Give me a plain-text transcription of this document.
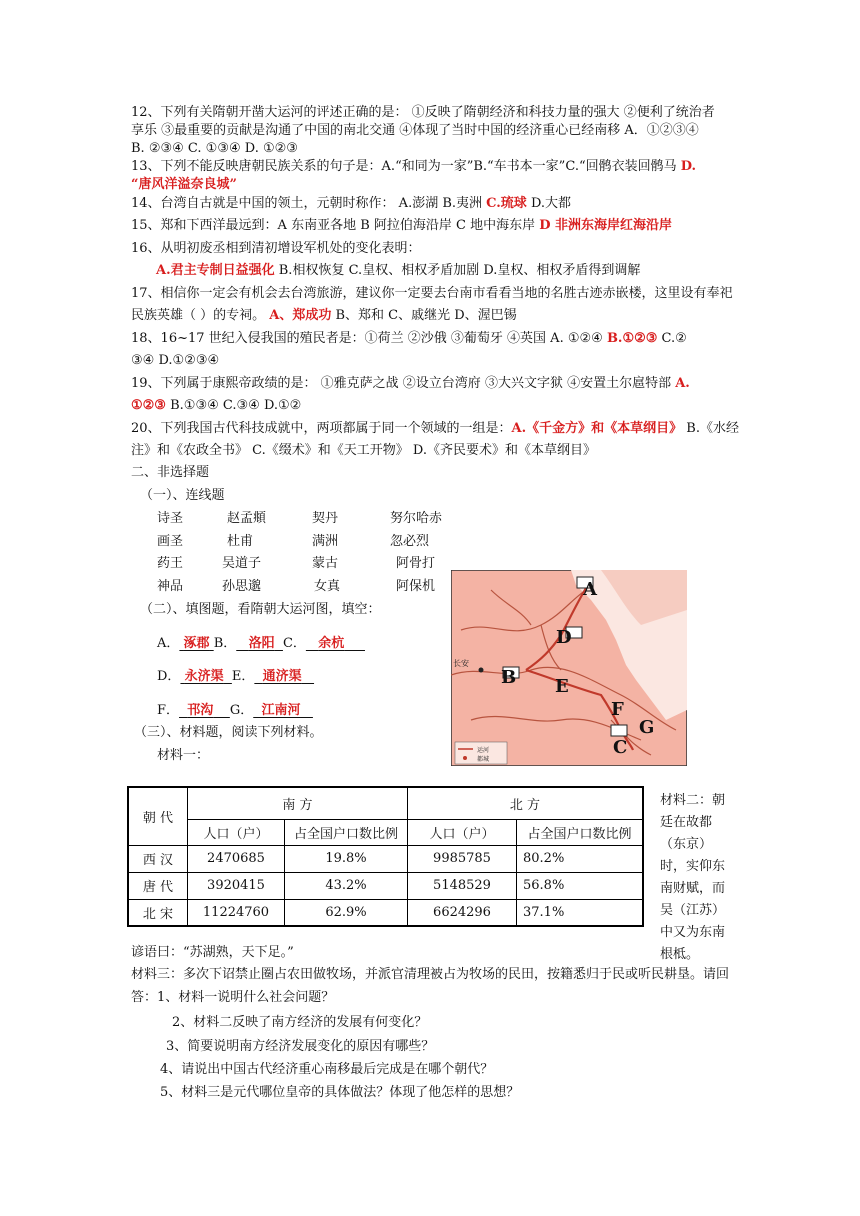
12、下列有关隋朝开凿大运河的评述正确的是： ①反映了隋朝经济和科技力量的强大 ②便利了统治者
享乐 ③最重要的贡献是沟通了中国的南北交通 ④体现了当时中国的经济重心已经南移 A．①②③④
B. ②③④ C. ①③④ D. ①②③
13、下列不能反映唐朝民族关系的句子是：A.“和同为一家”B.“车书本一家”C.“回鹘衣装回鹘马 D.
“唐风洋溢奈良城”
14、台湾自古就是中国的领土，元朝时称作： A.澎湖 B.夷洲 C.琉球 D.大都
15、郑和下西洋最远到：A 东南亚各地 B 阿拉伯海沿岸 C 地中海东岸 D 非洲东海岸红海沿岸
16、从明初废丞相到清初增设军机处的变化表明：
A.君主专制日益强化 B.相权恢复 C.皇权、相权矛盾加剧 D.皇权、相权矛盾得到调解
17、相信你一定会有机会去台湾旅游，建议你一定要去台南市看看当地的名胜古迹赤嵌楼，这里设有奉祀
民族英雄（ ）的专祠。 A、郑成功 B、郑和 C、戚继光 D、渥巴锡
18、16~17 世纪入侵我国的殖民者是：①荷兰 ②沙俄 ③葡萄牙 ④英国 A. ①②④ B.①②③ C.②
③④ D.①②③④
19、下列属于康熙帝政绩的是： ①雅克萨之战 ②设立台湾府 ③大兴文字狱 ④安置土尔扈特部 A.
①②③ B.①③④ C.③④ D.①②
20、下列我国古代科技成就中，两项都属于同一个领域的一组是：A.《千金方》和《本草纲目》 B.《水经
注》和《农政全书》 C.《缀术》和《天工开物》 D.《齐民要术》和《本草纲目》
二、非选择题
（一）、连线题
诗圣	赵孟頫	契丹	努尔哈赤
画圣	杜甫	满洲	忽必烈
药王	吴道子	蒙古	阿骨打
神品	孙思邈	女真	阿保机
（二）、填图题，看隋朝大运河图，填空：
A． 涿郡 B． 洛阳 C． 余杭
D． 永济渠 E． 通济渠
F． 邗沟 G． 江南河
（三）、材料题，阅读下列材料。
材料一：
A
D
B E
F
G
C
长安
运河
都城
朝 代	南 方		北 方	
	人口（户）	占全国户口数比例	人口（户）	占全国户口数比例
西 汉	2470685	19.8%	9985785	80.2%
唐 代	3920415	43.2%	5148529	56.8%
北 宋	11224760	62.9%	6624296	37.1%
材料二：朝廷在故都（东京）时，实仰东南财赋，而吴（江苏）中又为东南根柢。
谚语曰：“苏湖熟，天下足。”
材料三：多次下诏禁止圈占农田做牧场，并派官清理被占为牧场的民田，按籍悉归于民或听民耕垦。请回
答：1、材料一说明什么社会问题？
2、材料二反映了南方经济的发展有何变化？
3、简要说明南方经济发展变化的原因有哪些？
4、请说出中国古代经济重心南移最后完成是在哪个朝代？
5、材料三是元代哪位皇帝的具体做法？体现了他怎样的思想？
